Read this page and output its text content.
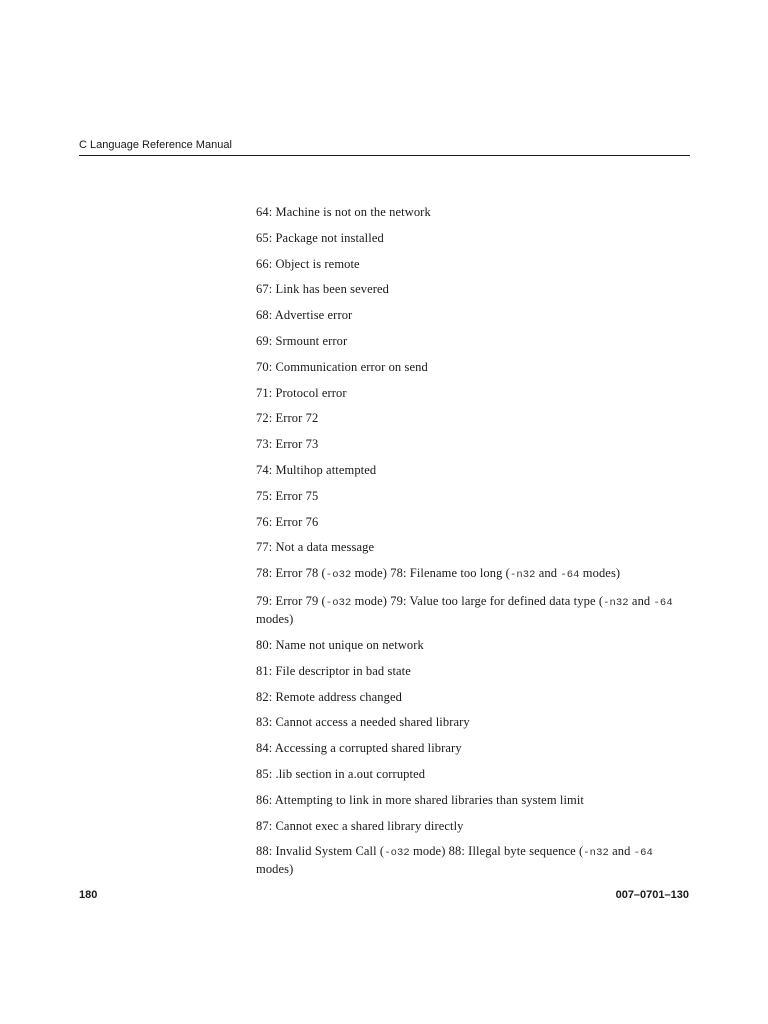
C Language Reference Manual
64: Machine is not on the network
65: Package not installed
66: Object is remote
67: Link has been severed
68: Advertise error
69: Srmount error
70: Communication error on send
71: Protocol error
72: Error 72
73: Error 73
74: Multihop attempted
75: Error 75
76: Error 76
77: Not a data message
78: Error 78 (-o32 mode) 78: Filename too long (-n32 and -64 modes)
79: Error 79 (-o32 mode) 79: Value too large for defined data type (-n32 and -64 modes)
80: Name not unique on network
81: File descriptor in bad state
82: Remote address changed
83: Cannot access a needed shared library
84: Accessing a corrupted shared library
85: .lib section in a.out corrupted
86: Attempting to link in more shared libraries than system limit
87: Cannot exec a shared library directly
88: Invalid System Call (-o32 mode) 88: Illegal byte sequence (-n32 and -64 modes)
180	007–0701–130
